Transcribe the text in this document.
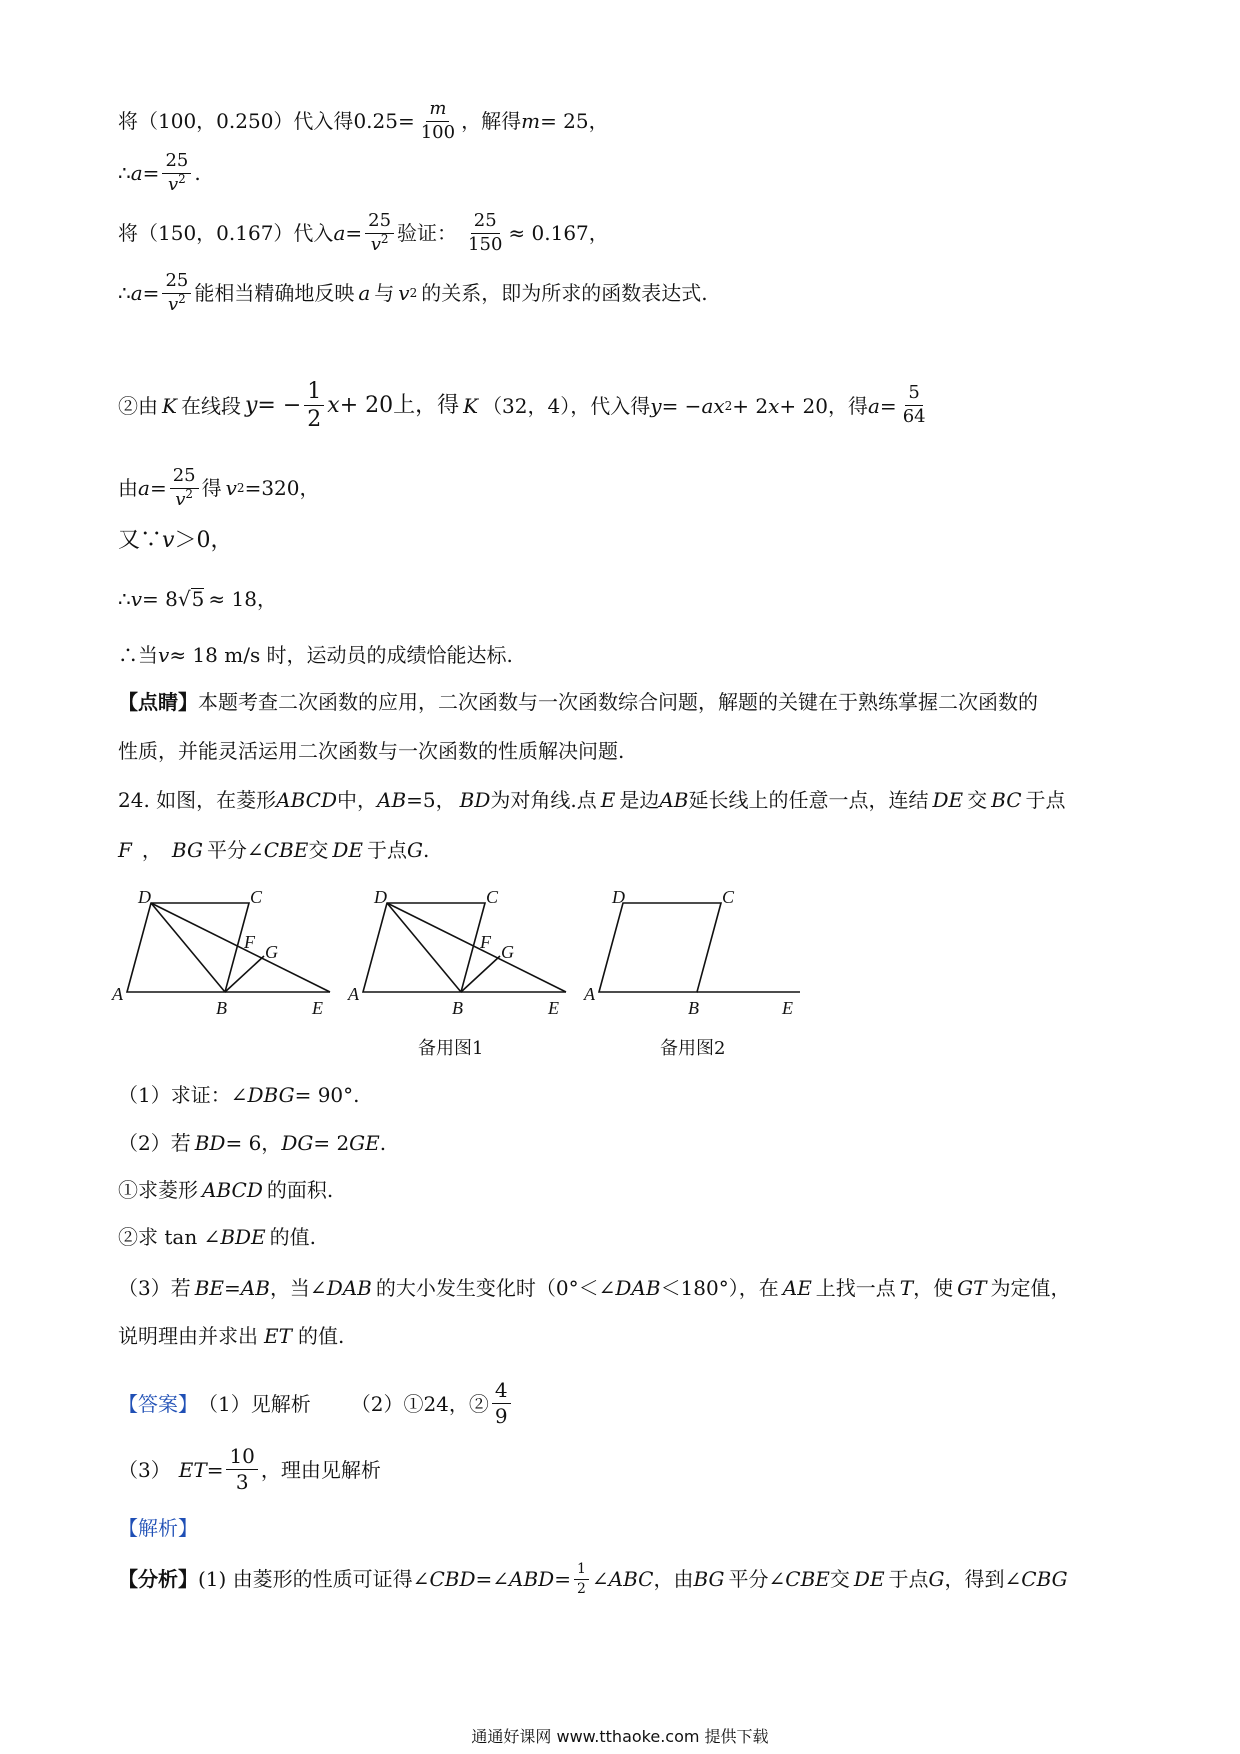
将（100，0.250）代入得 $0.25 = \frac{m}{100}$ ，解得 m = 25，
∴ $a = \frac{25}{v^2}$ .
将（150，0.167）代入 $a = \frac{25}{v^2}$ 验证： $\frac{25}{150} \approx 0.167$，
∴ $a = \frac{25}{v^2}$ 能相当精确地反映 a 与 v 2 的关系，即为所求的函数表达式.
②由 K 在线段 y = − $\frac{1}{2}$ x + 20上，得 K （32，4），代入得 y = − ax 2 + 2 x + 20，得 $a = \frac{5}{64}$
由 $a = \frac{25}{v^2}$ 得 v 2 =320，
又∵ v ＞0，
∴ v = 8 √ 5 ≈ 18，
∴当 v ≈ 18 m/s 时，运动员的成绩恰能达标.
【点睛】 本题考查二次函数的应用，二次函数与一次函数综合问题，解题的关键在于熟练掌握二次函数的
性质，并能灵活运用二次函数与一次函数的性质解决问题.
24. 如图，在菱形 ABCD 中， AB =5， BD 为对角线.点 E 是边 AB 延长线上的任意一点，连结 DE 交 BC 于点
F ， BG 平分∠ CBE 交 DE 于点 G .
D	C
F G
A
B	E
D	C
F G
A
B	E
D	C
A
B	E
备用图1	备用图2
（1）求证：∠ DBG = 90°.
（2）若 BD = 6， DG = 2 GE .
①求菱形 ABCD 的面积.
②求 tan ∠ BDE 的值.
（3）若 BE = AB ，当∠ DAB 的大小发生变化时（0°＜∠ DAB ＜180°），在 AE 上找一点 T ，使 GT 为定值，
说明理由并求出 ET 的值.
【答案】 （1）见解析 （2）①24，② $\frac{4}{9}$
（3） ET = $\frac{10}{3}$ ，理由见解析
【解析】
【分析】 (1) 由菱形的性质可证得∠ CBD =∠ ABD = $\frac{1}{2}$ ∠ ABC ，由 BG 平分∠ CBE 交 DE 于点 G ，得到∠ CBG
通通好课网 www.tthaoke.com 提供下载
